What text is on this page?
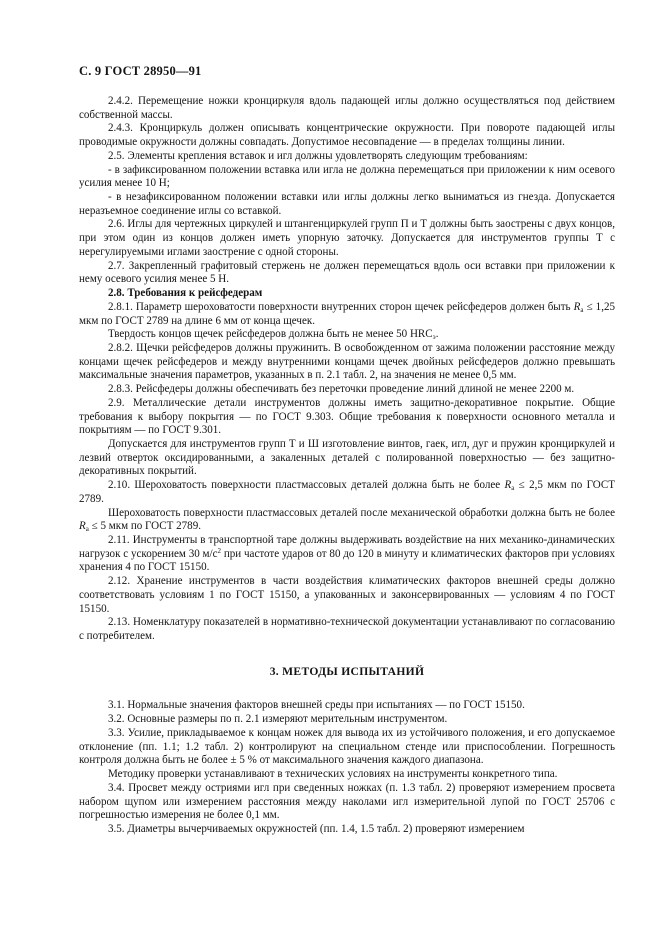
С. 9 ГОСТ 28950—91

2.4.2. Перемещение ножки кронциркуля вдоль падающей иглы должно осуществляться под действием собственной массы.

2.4.3. Кронциркуль должен описывать концентрические окружности. При повороте падающей иглы проводимые окружности должны совпадать. Допустимое несовпадение — в пределах толщины линии.

2.5. Элементы крепления вставок и игл должны удовлетворять следующим требованиям:

- в зафиксированном положении вставка или игла не должна перемещаться при приложении к ним осевого усилия менее 10 Н;

- в незафиксированном положении вставки или иглы должны легко выниматься из гнезда. Допускается неразъемное соединение иглы со вставкой.

2.6. Иглы для чертежных циркулей и штангенциркулей групп П и Т должны быть заострены с двух концов, при этом один из концов должен иметь упорную заточку. Допускается для инструментов группы Т с нерегулируемыми иглами заострение с одной стороны.

2.7. Закрепленный графитовый стержень не должен перемещаться вдоль оси вставки при приложении к нему осевого усилия менее 5 Н.

2.8. Требования к рейсфедерам

2.8.1. Параметр шероховатости поверхности внутренних сторон щечек рейсфедеров должен быть $R_a \le 1,25$ мкм по ГОСТ 2789 на длине 6 мм от конца щечек.

Твердость концов щечек рейсфедеров должна быть не менее 50 $HRC_э$.

2.8.2. Щечки рейсфедеров должны пружинить. В освобожденном от зажима положении расстояние между концами щечек рейсфедеров и между внутренними концами щечек двойных рейсфедеров должно превышать максимальные значения параметров, указанных в п. 2.1 табл. 2, на значения не менее 0,5 мм.

2.8.3. Рейсфедеры должны обеспечивать без переточки проведение линий длиной не менее 2200 м.

2.9. Металлические детали инструментов должны иметь защитно-декоративное покрытие. Общие требования к выбору покрытия — по ГОСТ 9.303. Общие требования к поверхности основного металла и покрытиям — по ГОСТ 9.301.

Допускается для инструментов групп Т и Ш изготовление винтов, гаек, игл, дуг и пружин кронциркулей и лезвий отверток оксидированными, а закаленных деталей с полированной поверхностью — без защитно-декоративных покрытий.

2.10. Шероховатость поверхности пластмассовых деталей должна быть не более $R_a \le 2,5$ мкм по ГОСТ 2789.

Шероховатость поверхности пластмассовых деталей после механической обработки должна быть не более $R_a \le 5$ мкм по ГОСТ 2789.

2.11. Инструменты в транспортной таре должны выдерживать воздействие на них механико-динамических нагрузок с ускорением 30 $м/с^2$ при частоте ударов от 80 до 120 в минуту и климатических факторов при условиях хранения 4 по ГОСТ 15150.

2.12. Хранение инструментов в части воздействия климатических факторов внешней среды должно соответствовать условиям 1 по ГОСТ 15150, а упакованных и законсервированных — условиям 4 по ГОСТ 15150.

2.13. Номенклатуру показателей в нормативно-технической документации устанавливают по согласованию с потребителем.

3. МЕТОДЫ ИСПЫТАНИЙ

3.1. Нормальные значения факторов внешней среды при испытаниях — по ГОСТ 15150.

3.2. Основные размеры по п. 2.1 измеряют мерительным инструментом.

3.3. Усилие, прикладываемое к концам ножек для вывода их из устойчивого положения, и его допускаемое отклонение (пп. 1.1; 1.2 табл. 2) контролируют на специальном стенде или приспособлении. Погрешность контроля должна быть не более ± 5 % от максимального значения каждого диапазона.

Методику проверки устанавливают в технических условиях на инструменты конкретного типа.

3.4. Просвет между остриями игл при сведенных ножках (п. 1.3 табл. 2) проверяют измерением просвета набором щупом или измерением расстояния между наколами игл измерительной лупой по ГОСТ 25706 с погрешностью измерения не более 0,1 мм.

3.5. Диаметры вычерчиваемых окружностей (пп. 1.4, 1.5 табл. 2) проверяют измерением
